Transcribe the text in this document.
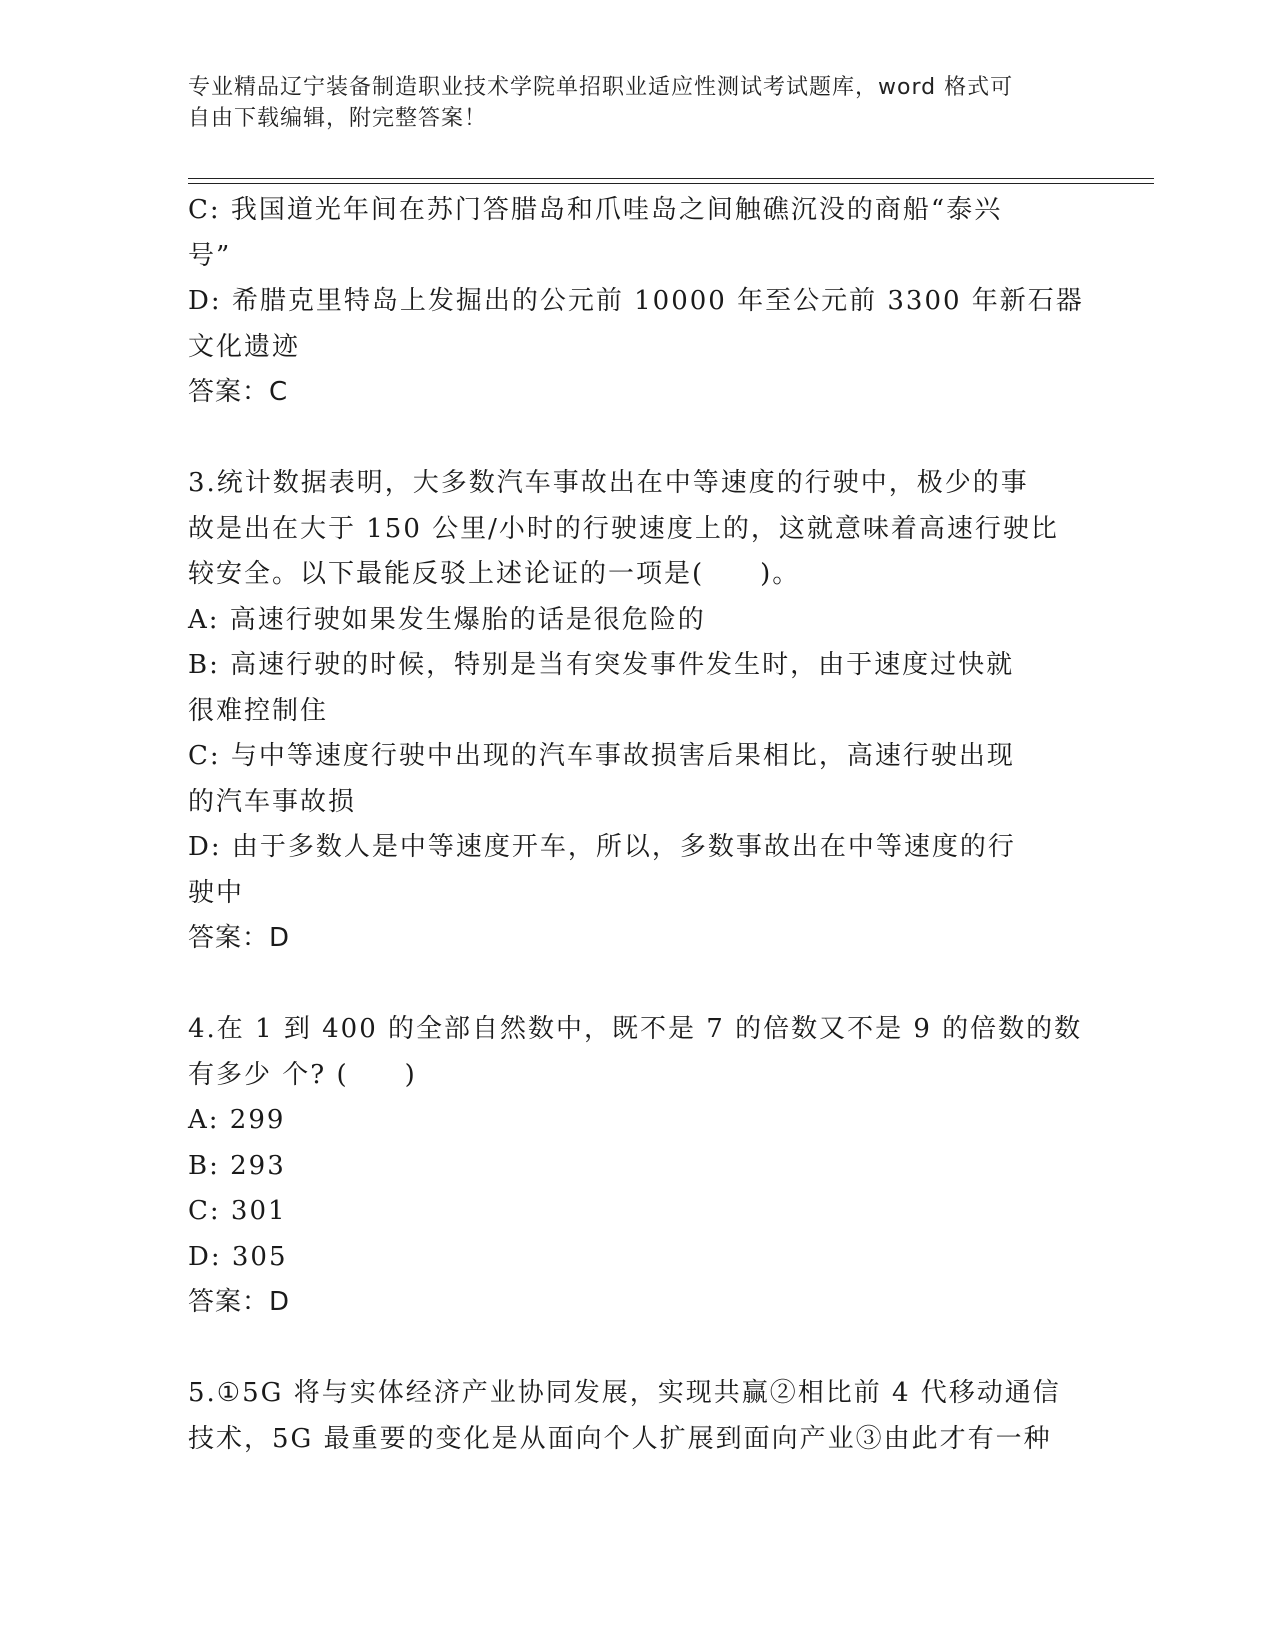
专业精品辽宁装备制造职业技术学院单招职业适应性测试考试题库，word 格式可
自由下载编辑，附完整答案！
C: 我国道光年间在苏门答腊岛和爪哇岛之间触礁沉没的商船“泰兴
号”
D: 希腊克里特岛上发掘出的公元前 10000 年至公元前 3300 年新石器
文化遗迹
答案：C
3.统计数据表明，大多数汽车事故出在中等速度的行驶中，极少的事
故是出在大于 150 公里/小时的行驶速度上的，这就意味着高速行驶比
较安全。以下最能反驳上述论证的一项是(　　)。
A: 高速行驶如果发生爆胎的话是很危险的
B: 高速行驶的时候，特别是当有突发事件发生时，由于速度过快就
很难控制住
C: 与中等速度行驶中出现的汽车事故损害后果相比，高速行驶出现
的汽车事故损
D: 由于多数人是中等速度开车，所以，多数事故出在中等速度的行
驶中
答案：D
4.在 1 到 400 的全部自然数中，既不是 7 的倍数又不是 9 的倍数的数
有多少 个? (　　)
A: 299
B: 293
C: 301
D: 305
答案：D
5.①5G 将与实体经济产业协同发展，实现共赢②相比前 4 代移动通信
技术，5G 最重要的变化是从面向个人扩展到面向产业③由此才有一种
